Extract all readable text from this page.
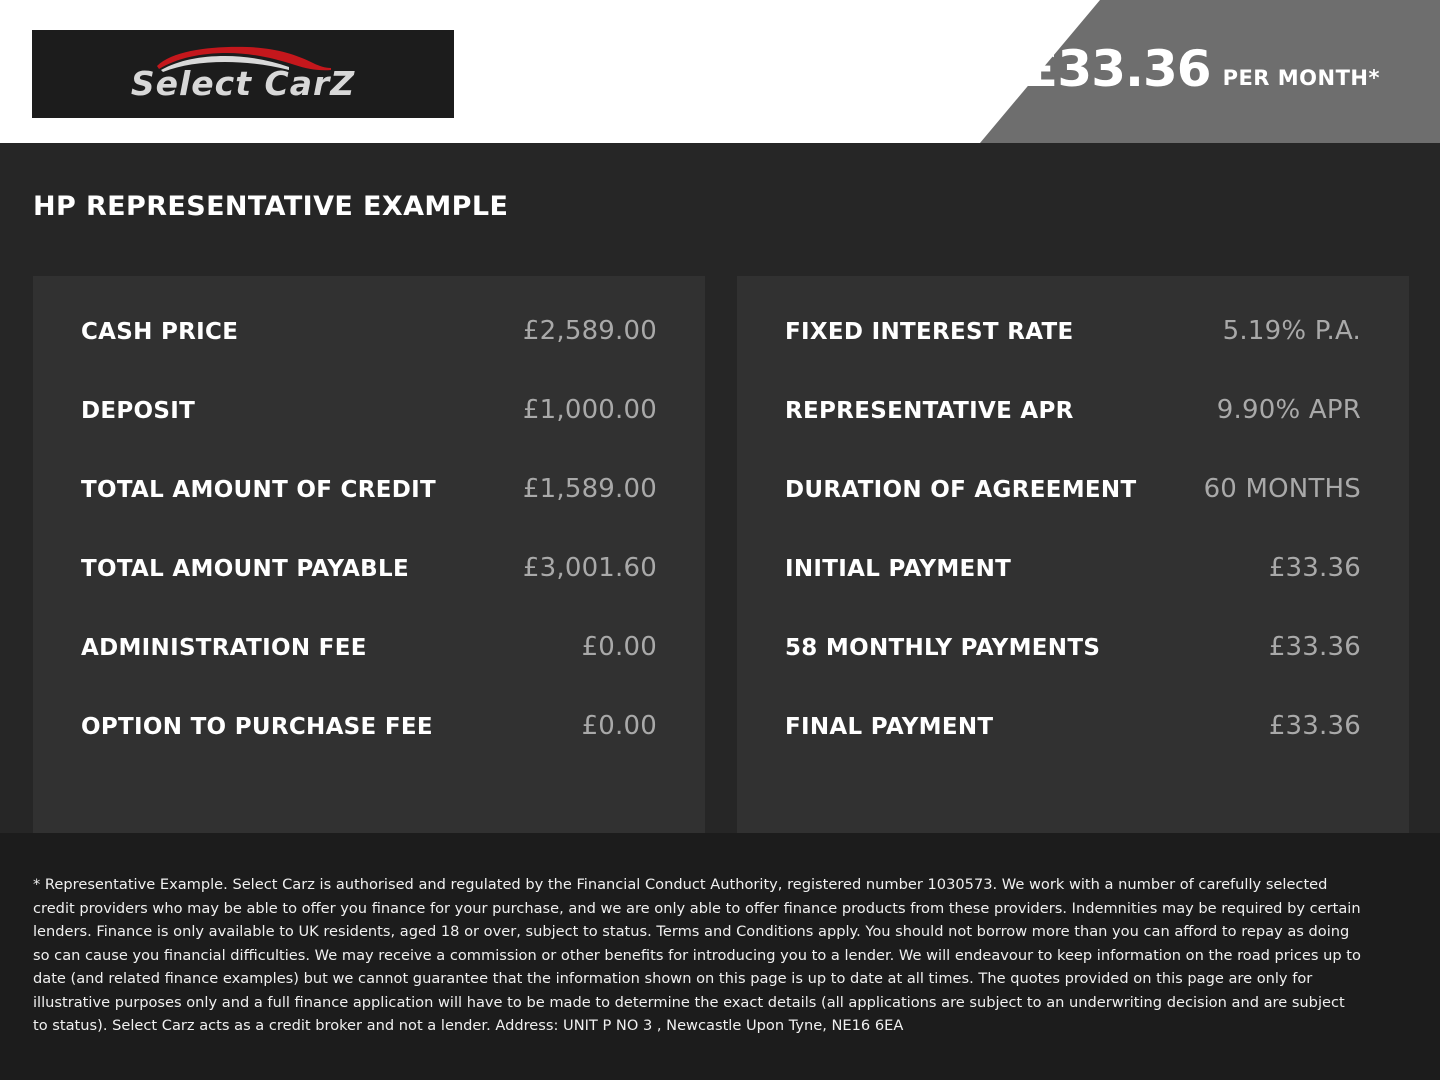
Select CarZ	£33.36 PER MONTH*
HP REPRESENTATIVE EXAMPLE
CASH PRICE	£2,589.00
DEPOSIT	£1,000.00
TOTAL AMOUNT OF CREDIT	£1,589.00
TOTAL AMOUNT PAYABLE	£3,001.60
ADMINISTRATION FEE	£0.00
OPTION TO PURCHASE FEE	£0.00
FIXED INTEREST RATE	5.19% P.A.
REPRESENTATIVE APR	9.90% APR
DURATION OF AGREEMENT	60 MONTHS
INITIAL PAYMENT	£33.36
58 MONTHLY PAYMENTS	£33.36
FINAL PAYMENT	£33.36

* Representative Example. Select Carz is authorised and regulated by the Financial Conduct Authority, registered number 1030573. We work with a number of carefully selected credit providers who may be able to offer you finance for your purchase, and we are only able to offer finance products from these providers. Indemnities may be required by certain lenders. Finance is only available to UK residents, aged 18 or over, subject to status. Terms and Conditions apply. You should not borrow more than you can afford to repay as doing so can cause you financial difficulties. We may receive a commission or other benefits for introducing you to a lender. We will endeavour to keep information on the road prices up to date (and related finance examples) but we cannot guarantee that the information shown on this page is up to date at all times. The quotes provided on this page are only for illustrative purposes only and a full finance application will have to be made to determine the exact details (all applications are subject to an underwriting decision and are subject to status). Select Carz acts as a credit broker and not a lender. Address: UNIT P NO 3 , Newcastle Upon Tyne, NE16 6EA
